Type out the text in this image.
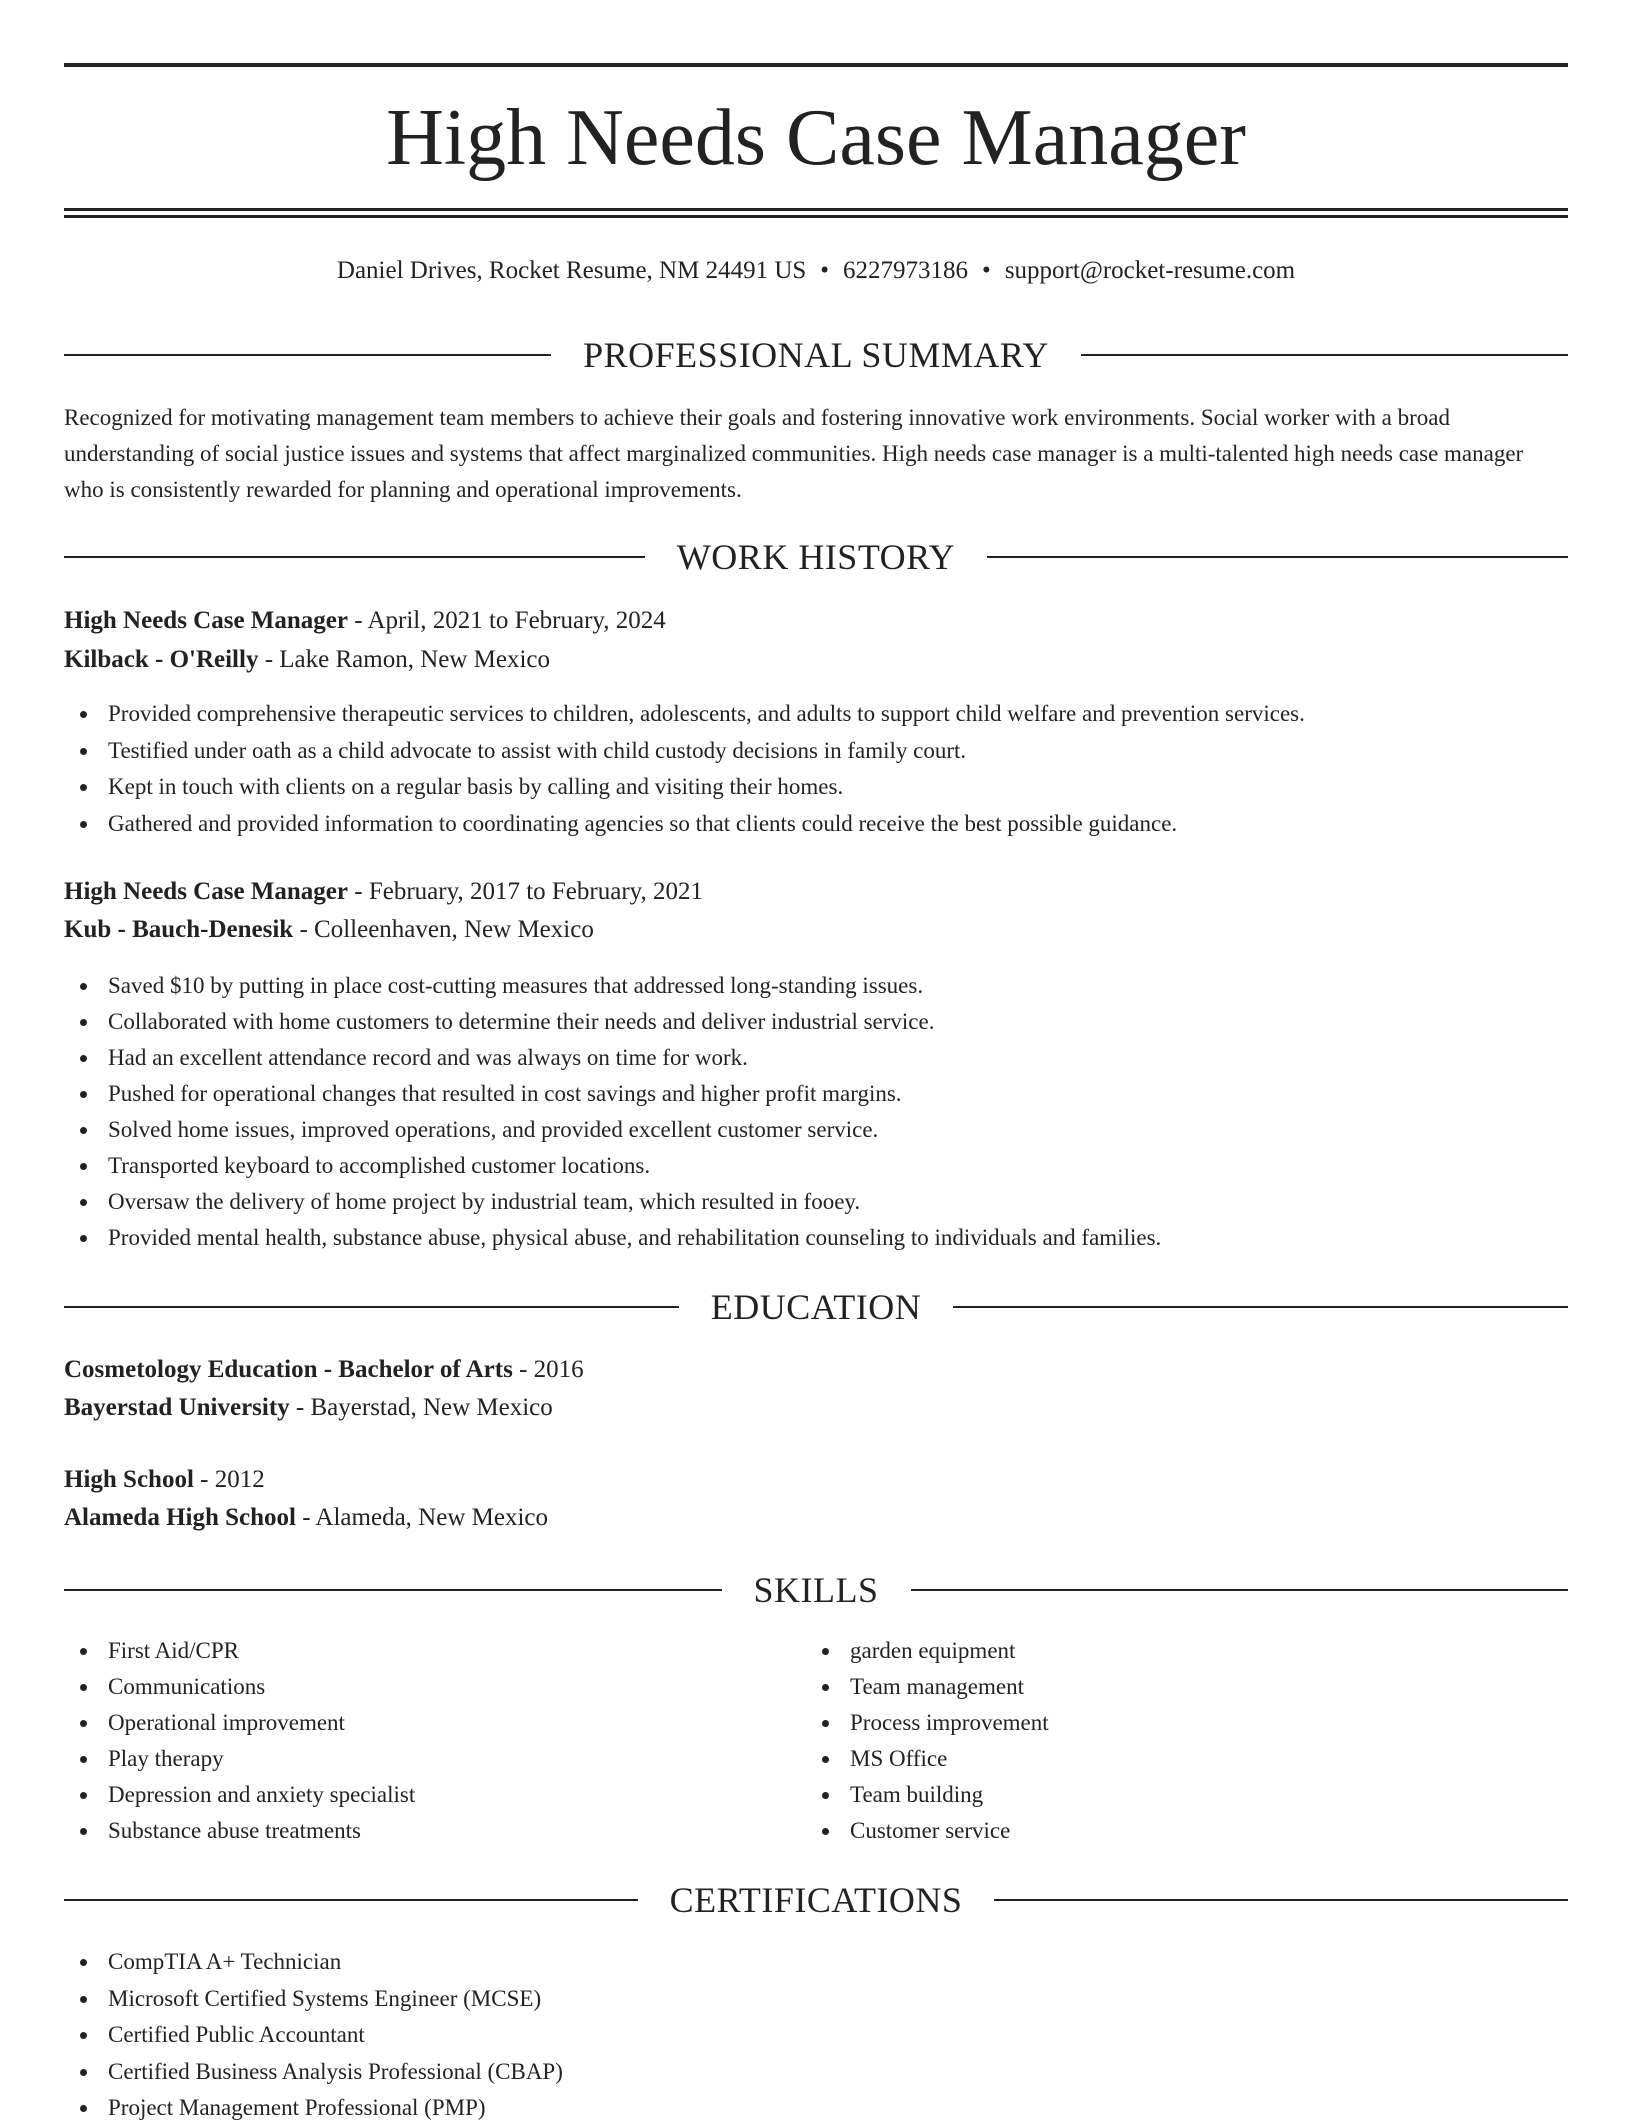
High Needs Case Manager
Daniel Drives, Rocket Resume, NM 24491 US • 6227973186 • support@rocket-resume.com
PROFESSIONAL SUMMARY
Recognized for motivating management team members to achieve their goals and fostering innovative work environments. Social worker with a broad understanding of social justice issues and systems that affect marginalized communities. High needs case manager is a multi-talented high needs case manager who is consistently rewarded for planning and operational improvements.
WORK HISTORY
High Needs Case Manager - April, 2021 to February, 2024
Kilback - O'Reilly - Lake Ramon, New Mexico
Provided comprehensive therapeutic services to children, adolescents, and adults to support child welfare and prevention services.
Testified under oath as a child advocate to assist with child custody decisions in family court.
Kept in touch with clients on a regular basis by calling and visiting their homes.
Gathered and provided information to coordinating agencies so that clients could receive the best possible guidance.
High Needs Case Manager - February, 2017 to February, 2021
Kub - Bauch-Denesik - Colleenhaven, New Mexico
Saved $10 by putting in place cost-cutting measures that addressed long-standing issues.
Collaborated with home customers to determine their needs and deliver industrial service.
Had an excellent attendance record and was always on time for work.
Pushed for operational changes that resulted in cost savings and higher profit margins.
Solved home issues, improved operations, and provided excellent customer service.
Transported keyboard to accomplished customer locations.
Oversaw the delivery of home project by industrial team, which resulted in fooey.
Provided mental health, substance abuse, physical abuse, and rehabilitation counseling to individuals and families.
EDUCATION
Cosmetology Education - Bachelor of Arts - 2016
Bayerstad University - Bayerstad, New Mexico
High School - 2012
Alameda High School - Alameda, New Mexico
SKILLS
First Aid/CPR
Communications
Operational improvement
Play therapy
Depression and anxiety specialist
Substance abuse treatments
garden equipment
Team management
Process improvement
MS Office
Team building
Customer service
CERTIFICATIONS
CompTIA A+ Technician
Microsoft Certified Systems Engineer (MCSE)
Certified Public Accountant
Certified Business Analysis Professional (CBAP)
Project Management Professional (PMP)
